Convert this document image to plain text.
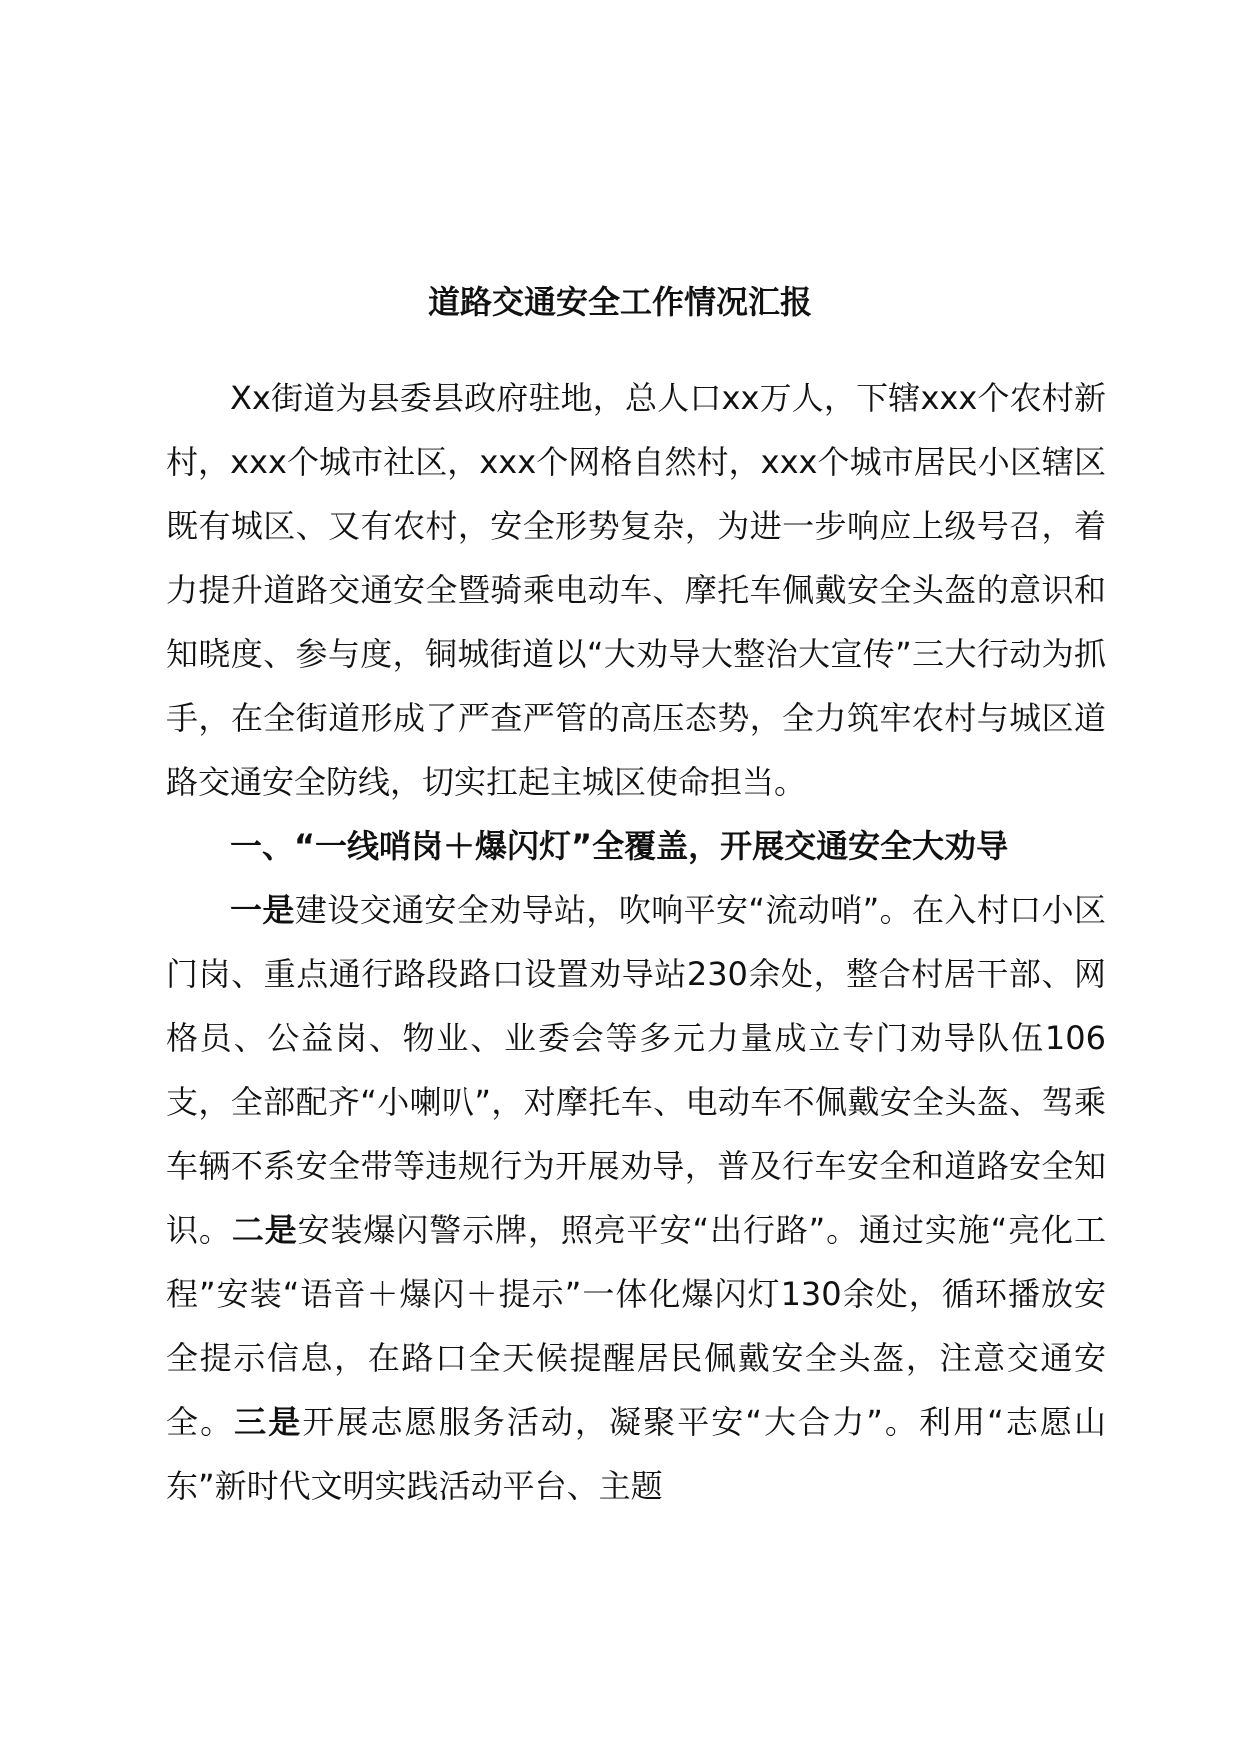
道路交通安全工作情况汇报

Xx街道为县委县政府驻地，总人口xx万人，下辖xxx个农村新村，xxx个城市社区，xxx个网格自然村，xxx个城市居民小区辖区既有城区、又有农村，安全形势复杂，为进一步响应上级号召，着力提升道路交通安全暨骑乘电动车、摩托车佩戴安全头盔的意识和知晓度、参与度，铜城街道以“大劝导大整治大宣传”三大行动为抓手，在全街道形成了严查严管的高压态势，全力筑牢农村与城区道路交通安全防线，切实扛起主城区使命担当。

一、“一线哨岗＋爆闪灯”全覆盖，开展交通安全大劝导

一是建设交通安全劝导站，吹响平安“流动哨”。在入村口小区门岗、重点通行路段路口设置劝导站230余处，整合村居干部、网格员、公益岗、物业、业委会等多元力量成立专门劝导队伍106支，全部配齐“小喇叭”，对摩托车、电动车不佩戴安全头盔、驾乘车辆不系安全带等违规行为开展劝导，普及行车安全和道路安全知识。二是安装爆闪警示牌，照亮平安“出行路”。通过实施“亮化工程”安装“语音＋爆闪＋提示”一体化爆闪灯130余处，循环播放安全提示信息，在路口全天候提醒居民佩戴安全头盔，注意交通安全。三是开展志愿服务活动，凝聚平安“大合力”。利用“志愿山东”新时代文明实践活动平台、主题
